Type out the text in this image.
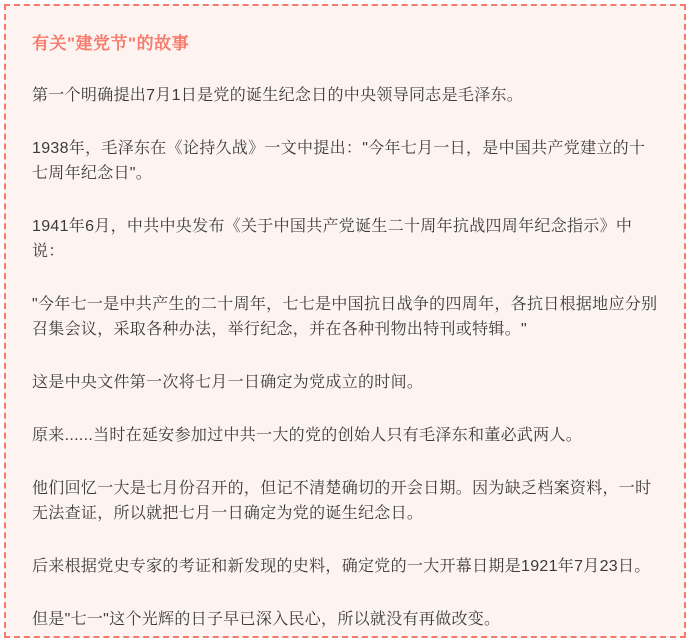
有关"建党节"的故事

第一个明确提出7月1日是党的诞生纪念日的中央领导同志是毛泽东。

1938年，毛泽东在《论持久战》一文中提出："今年七月一日，是中国共产党建立的十七周年纪念日"。

1941年6月，中共中央发布《关于中国共产党诞生二十周年抗战四周年纪念指示》中说：

"今年七一是中共产生的二十周年，七七是中国抗日战争的四周年，各抗日根据地应分别召集会议，采取各种办法，举行纪念，并在各种刊物出特刊或特辑。"

这是中央文件第一次将七月一日确定为党成立的时间。

原来......当时在延安参加过中共一大的党的创始人只有毛泽东和董必武两人。

他们回忆一大是七月份召开的，但记不清楚确切的开会日期。因为缺乏档案资料，一时无法查证，所以就把七月一日确定为党的诞生纪念日。

后来根据党史专家的考证和新发现的史料，确定党的一大开幕日期是1921年7月23日。

但是"七一"这个光辉的日子早已深入民心，所以就没有再做改变。
